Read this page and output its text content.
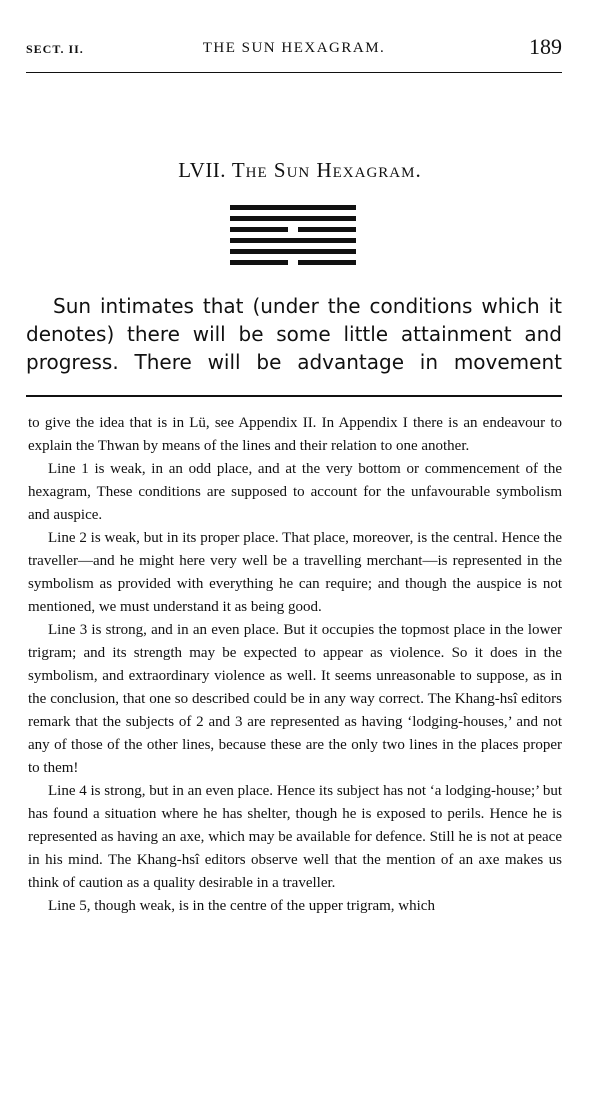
SECT. II.	THE SUN HEXAGRAM.	189
LVII. The Sun Hexagram.

Sun intimates that (under the conditions which it denotes) there will be some little attainment and progress. There will be advantage in movement

to give the idea that is in Lü, see Appendix II. In Appendix I there is an endeavour to explain the Thwan by means of the lines and their relation to one another.

Line 1 is weak, in an odd place, and at the very bottom or commencement of the hexagram, These conditions are supposed to account for the unfavourable symbolism and auspice.

Line 2 is weak, but in its proper place. That place, moreover, is the central. Hence the traveller—and he might here very well be a travelling merchant—is represented in the symbolism as provided with everything he can require; and though the auspice is not mentioned, we must understand it as being good.

Line 3 is strong, and in an even place. But it occupies the topmost place in the lower trigram; and its strength may be expected to appear as violence. So it does in the symbolism, and extraordinary violence as well. It seems unreasonable to suppose, as in the conclusion, that one so described could be in any way correct. The Khang-hsî editors remark that the subjects of 2 and 3 are represented as having ‘lodging-houses,’ and not any of those of the other lines, because these are the only two lines in the places proper to them!

Line 4 is strong, but in an even place. Hence its subject has not ‘a lodging-house;’ but has found a situation where he has shelter, though he is exposed to perils. Hence he is represented as having an axe, which may be available for defence. Still he is not at peace in his mind. The Khang-hsî editors observe well that the mention of an axe makes us think of caution as a quality desirable in a traveller.

Line 5, though weak, is in the centre of the upper trigram, which
